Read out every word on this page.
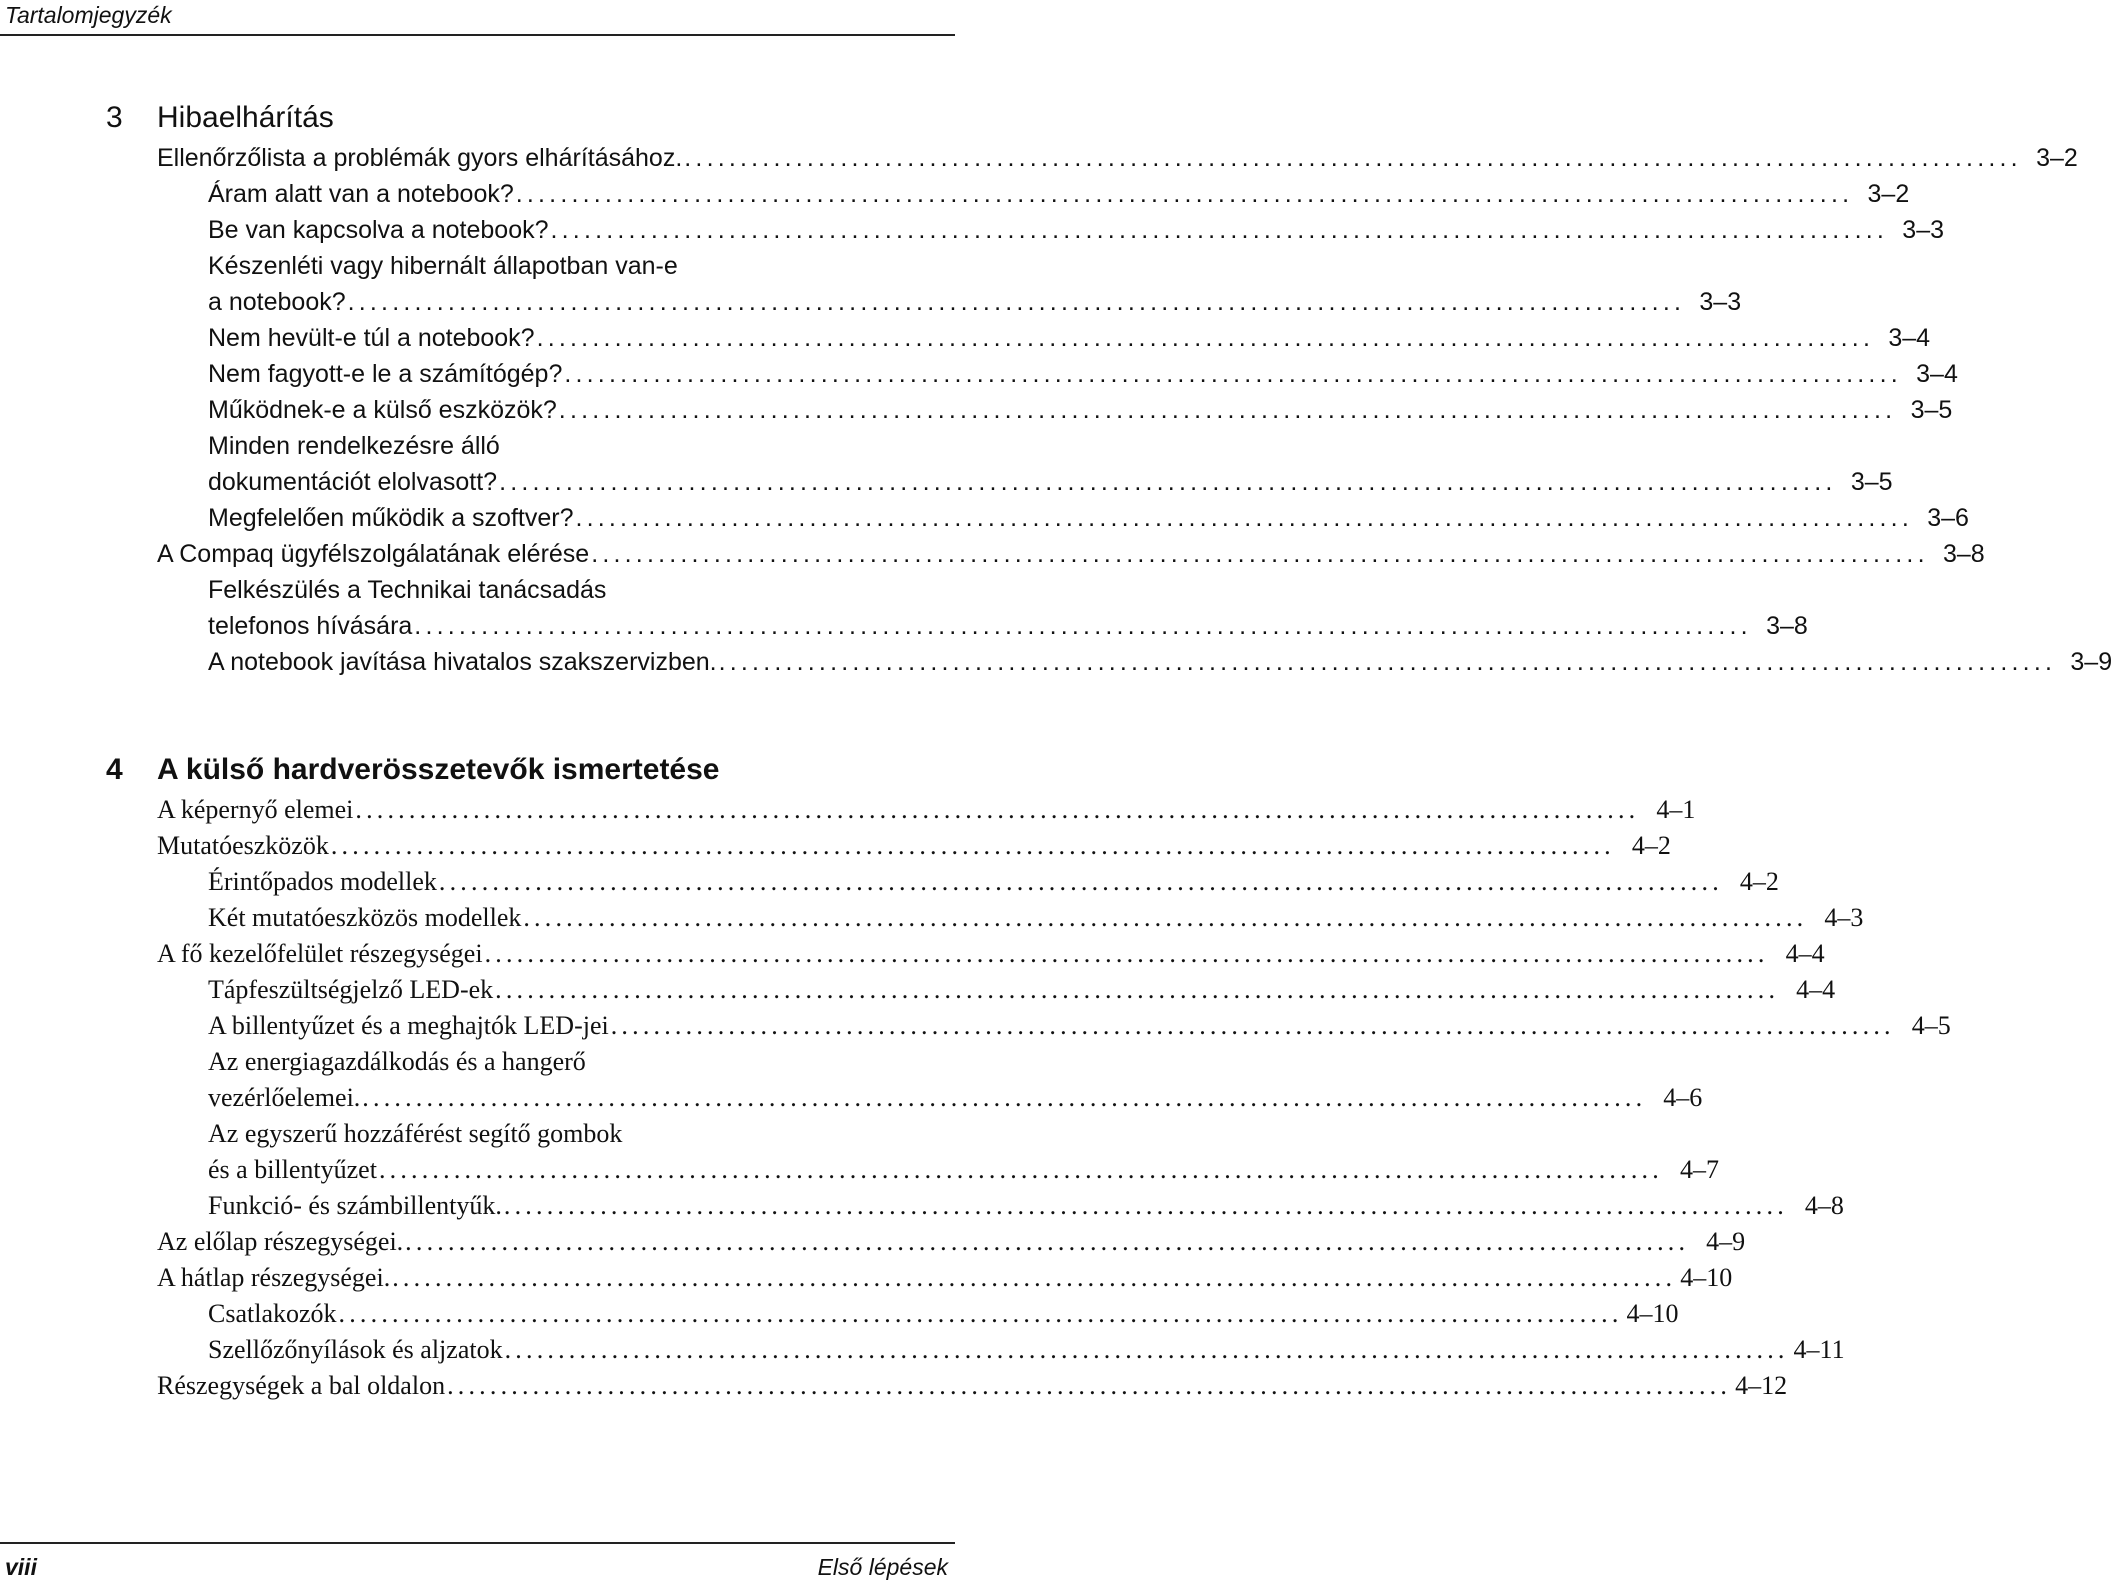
Tartalomjegyzék
3 Hibaelhárítás
Ellenőrzőlista a problémák gyors elhárításához. ........................................................................................................................ 3–2
Áram alatt van a notebook? ........................................................................................................................ 3–2
Be van kapcsolva a notebook? ........................................................................................................................ 3–3
Készenléti vagy hibernált állapotban van-e
a notebook? ........................................................................................................................ 3–3
Nem hevült-e túl a notebook? ........................................................................................................................ 3–4
Nem fagyott-e le a számítógép? ........................................................................................................................ 3–4
Működnek-e a külső eszközök? ........................................................................................................................ 3–5
Minden rendelkezésre álló
dokumentációt elolvasott? ........................................................................................................................ 3–5
Megfelelően működik a szoftver? ........................................................................................................................ 3–6
A Compaq ügyfélszolgálatának elérése ........................................................................................................................ 3–8
Felkészülés a Technikai tanácsadás
telefonos hívására ........................................................................................................................ 3–8
A notebook javítása hivatalos szakszervizben. ........................................................................................................................ 3–9
4 A külső hardverösszetevők ismertetése
A képernyő elemei ........................................................................................................................ 4–1
Mutatóeszközök ........................................................................................................................ 4–2
Érintőpados modellek ........................................................................................................................ 4–2
Két mutatóeszközös modellek ........................................................................................................................ 4–3
A fő kezelőfelület részegységei ........................................................................................................................ 4–4
Tápfeszültségjelző LED-ek ........................................................................................................................ 4–4
A billentyűzet és a meghajtók LED-jei ........................................................................................................................ 4–5
Az energiagazdálkodás és a hangerő
vezérlőelemei. ........................................................................................................................ 4–6
Az egyszerű hozzáférést segítő gombok
és a billentyűzet ........................................................................................................................ 4–7
Funkció- és számbillentyűk. ........................................................................................................................ 4–8
Az előlap részegységei. ........................................................................................................................ 4–9
A hátlap részegységei. ........................................................................................................................ 4–10
Csatlakozók ........................................................................................................................ 4–10
Szellőzőnyílások és aljzatok ........................................................................................................................ 4–11
Részegységek a bal oldalon ........................................................................................................................ 4–12
viii	Első lépések
